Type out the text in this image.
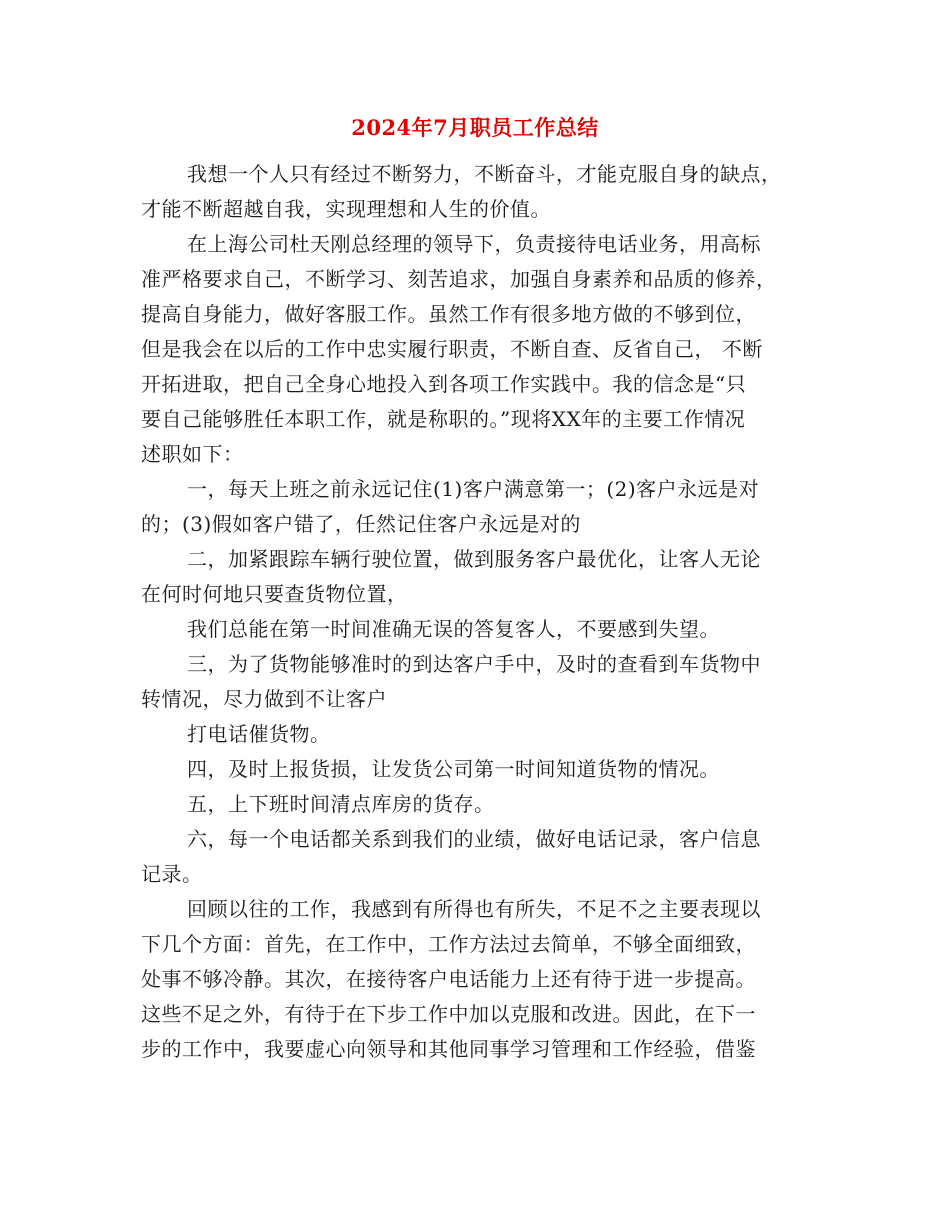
2024年7月职员工作总结
我想一个人只有经过不断努力，不断奋斗，才能克服自身的缺点，
才能不断超越自我，实现理想和人生的价值。
在上海公司杜天刚总经理的领导下，负责接待电话业务，用高标
准严格要求自己，不断学习、刻苦追求，加强自身素养和品质的修养，
提高自身能力，做好客服工作。虽然工作有很多地方做的不够到位，
但是我会在以后的工作中忠实履行职责，不断自查、反省自己， 不断
开拓进取，把自己全身心地投入到各项工作实践中。我的信念是“只
要自己能够胜任本职工作，就是称职的。”现将XX年的主要工作情况
述职如下：
一，每天上班之前永远记住(1)客户满意第一；(2)客户永远是对
的；(3)假如客户错了，任然记住客户永远是对的
二，加紧跟踪车辆行驶位置，做到服务客户最优化，让客人无论
在何时何地只要查货物位置，
我们总能在第一时间准确无误的答复客人，不要感到失望。
三，为了货物能够准时的到达客户手中，及时的查看到车货物中
转情况，尽力做到不让客户
打电话催货物。
四，及时上报货损，让发货公司第一时间知道货物的情况。
五，上下班时间清点库房的货存。
六，每一个电话都关系到我们的业绩，做好电话记录，客户信息
记录。
回顾以往的工作，我感到有所得也有所失，不足不之主要表现以
下几个方面：首先，在工作中，工作方法过去简单，不够全面细致，
处事不够冷静。其次，在接待客户电话能力上还有待于进一步提高。
这些不足之外，有待于在下步工作中加以克服和改进。因此，在下一
步的工作中，我要虚心向领导和其他同事学习管理和工作经验，借鉴
